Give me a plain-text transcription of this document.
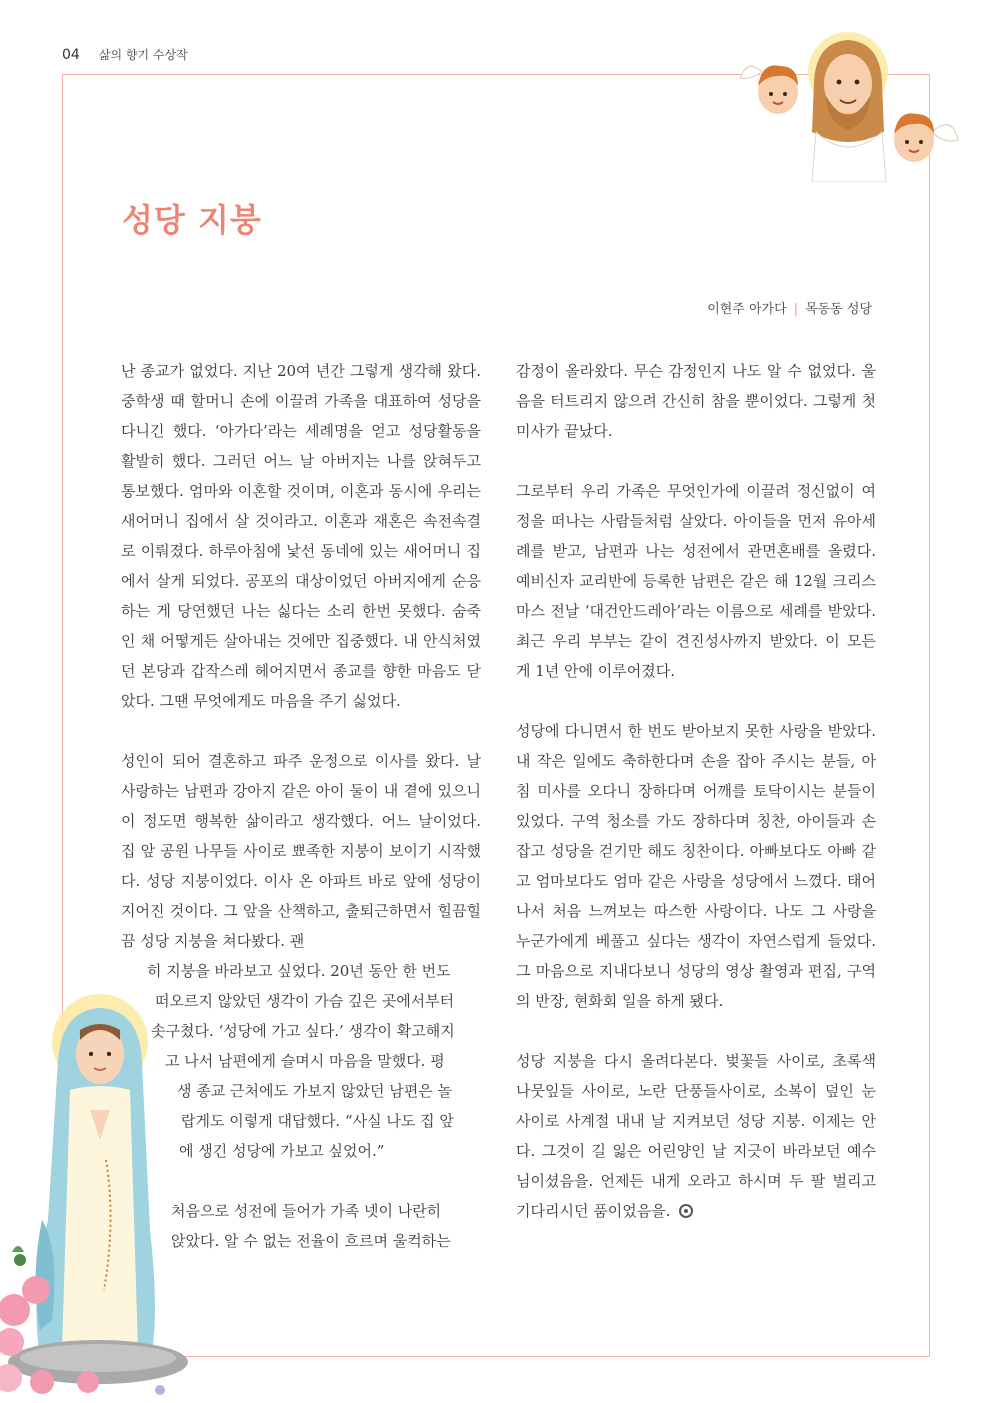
04 삶의 향기 수상작
성당 지붕
이현주 아가다 | 목동동 성당

난 종교가 없었다. 지난 20여 년간 그렇게 생각해 왔다. 중학생 때 할머니 손에 이끌려 가족을 대표하여 성당을 다니긴 했다. ‘아가다’라는 세례명을 얻고 성당활동을 활발히 했다. 그러던 어느 날 아버지는 나를 앉혀두고 통보했다. 엄마와 이혼할 것이며, 이혼과 동시에 우리는 새어머니 집에서 살 것이라고. 이혼과 재혼은 속전속결로 이뤄졌다. 하루아침에 낯선 동네에 있는 새어머니 집에서 살게 되었다. 공포의 대상이었던 아버지에게 순응하는 게 당연했던 나는 싫다는 소리 한번 못했다. 숨죽인 채 어떻게든 살아내는 것에만 집중했다. 내 안식처였던 본당과 갑작스레 헤어지면서 종교를 향한 마음도 닫았다. 그땐 무엇에게도 마음을 주기 싫었다.

성인이 되어 결혼하고 파주 운정으로 이사를 왔다. 날 사랑하는 남편과 강아지 같은 아이 둘이 내 곁에 있으니 이 정도면 행복한 삶이라고 생각했다. 어느 날이었다. 집 앞 공원 나무들 사이로 뾰족한 지붕이 보이기 시작했다. 성당 지붕이었다. 이사 온 아파트 바로 앞에 성당이 지어진 것이다. 그 앞을 산책하고, 출퇴근하면서 힐끔힐끔 성당 지붕을 쳐다봤다. 괜
히 지붕을 바라보고 싶었다. 20년 동안 한 번도
떠오르지 않았던 생각이 가슴 깊은 곳에서부터
솟구쳤다. ‘성당에 가고 싶다.’ 생각이 확고해지
고 나서 남편에게 슬며시 마음을 말했다. 평
생 종교 근처에도 가보지 않았던 남편은 놀
랍게도 이렇게 대답했다. “사실 나도 집 앞
에 생긴 성당에 가보고 싶었어.”

처음으로 성전에 들어가 가족 넷이 나란히
앉았다. 알 수 없는 전율이 흐르며 울컥하는

감정이 올라왔다. 무슨 감정인지 나도 알 수 없었다. 울음을 터트리지 않으려 간신히 참을 뿐이었다. 그렇게 첫 미사가 끝났다.

그로부터 우리 가족은 무엇인가에 이끌려 정신없이 여정을 떠나는 사람들처럼 살았다. 아이들을 먼저 유아세례를 받고, 남편과 나는 성전에서 관면혼배를 올렸다. 예비신자 교리반에 등록한 남편은 같은 해 12월 크리스마스 전날 ‘대건안드레아’라는 이름으로 세례를 받았다. 최근 우리 부부는 같이 견진성사까지 받았다. 이 모든 게 1년 안에 이루어졌다.

성당에 다니면서 한 번도 받아보지 못한 사랑을 받았다. 내 작은 일에도 축하한다며 손을 잡아 주시는 분들, 아침 미사를 오다니 장하다며 어깨를 토닥이시는 분들이 있었다. 구역 청소를 가도 장하다며 칭찬, 아이들과 손잡고 성당을 걷기만 해도 칭찬이다. 아빠보다도 아빠 같고 엄마보다도 엄마 같은 사랑을 성당에서 느꼈다. 태어나서 처음 느껴보는 따스한 사랑이다. 나도 그 사랑을 누군가에게 베풀고 싶다는 생각이 자연스럽게 들었다. 그 마음으로 지내다보니 성당의 영상 촬영과 편집, 구역의 반장, 현화회 일을 하게 됐다.

성당 지붕을 다시 올려다본다. 벚꽃들 사이로, 초록색 나뭇잎들 사이로, 노란 단풍들사이로, 소복이 덮인 눈 사이로 사계절 내내 날 지켜보던 성당 지붕. 이제는 안다. 그것이 길 잃은 어린양인 날 지긋이 바라보던 예수님이셨음을. 언제든 내게 오라고 하시며 두 팔 벌리고 기다리시던 품이었음을.
